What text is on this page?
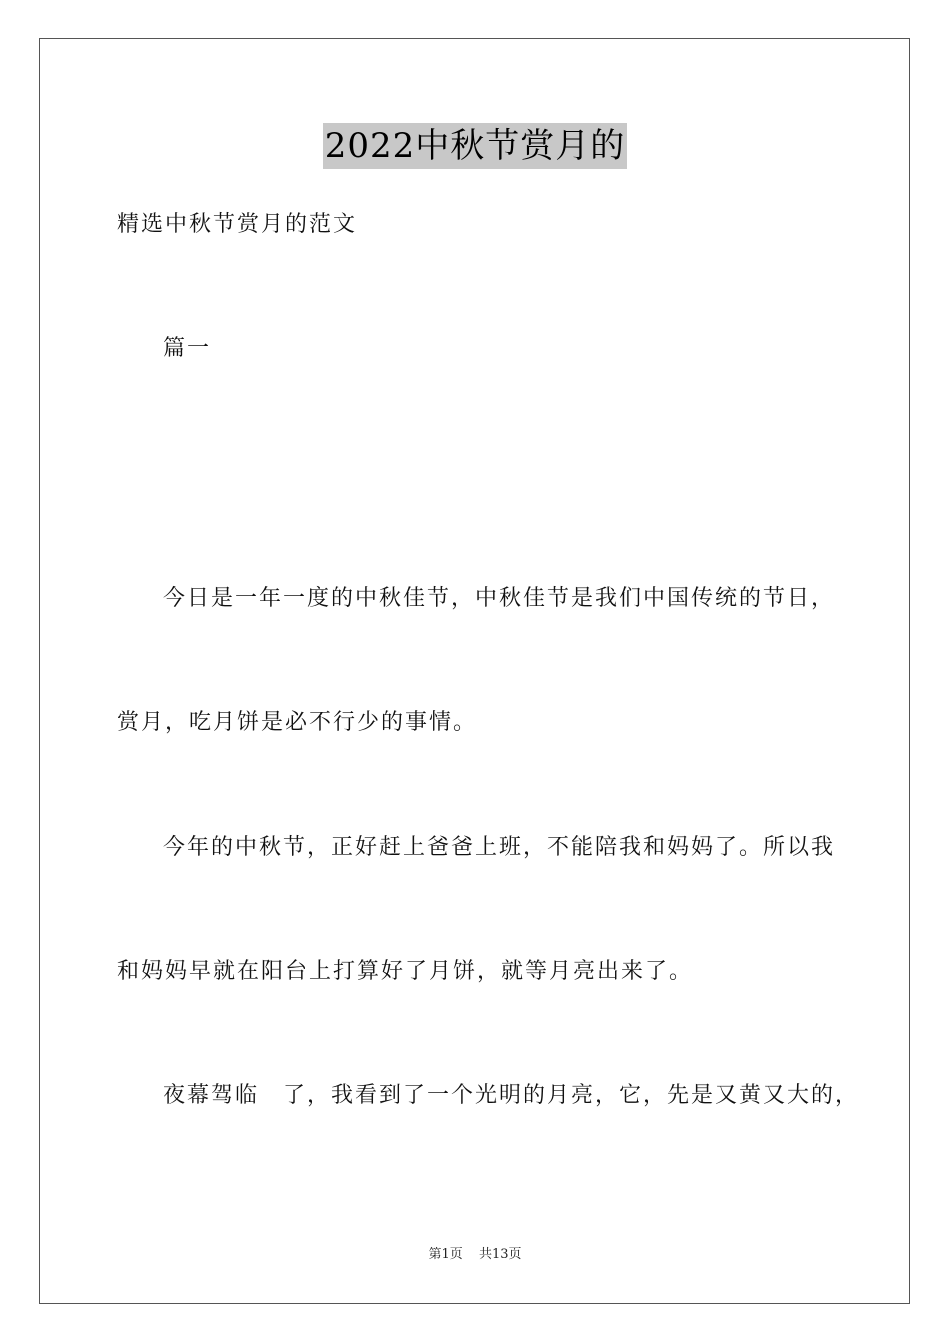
2022中秋节赏月的
精选中秋节赏月的范文
篇一
今日是一年一度的中秋佳节，中秋佳节是我们中国传统的节日，
赏月，吃月饼是必不行少的事情。
今年的中秋节，正好赶上爸爸上班，不能陪我和妈妈了。所以我
和妈妈早就在阳台上打算好了月饼，就等月亮出来了。
夜幕驾临　了，我看到了一个光明的月亮，它，先是又黄又大的，
第1页 共13页
